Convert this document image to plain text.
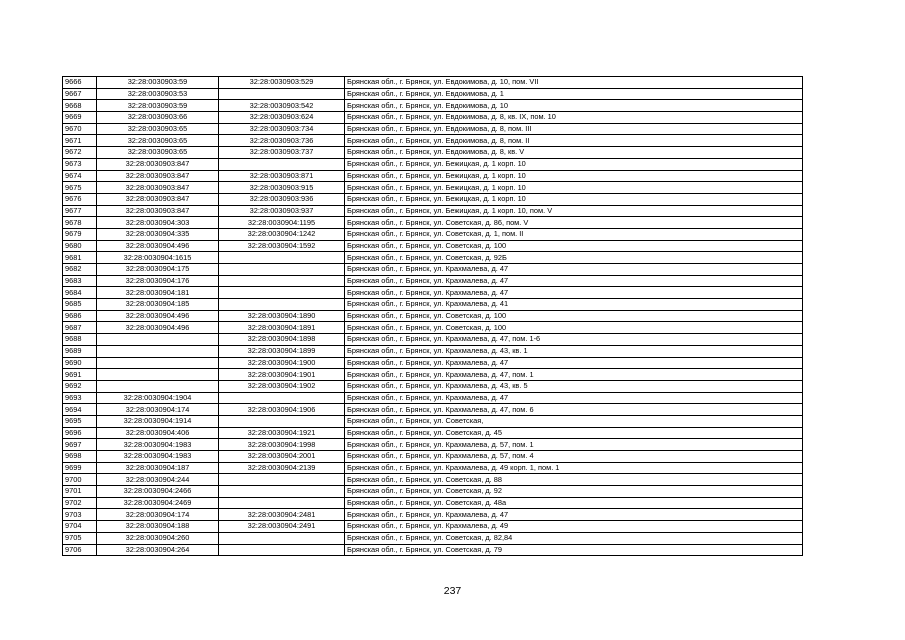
9666	32:28:0030903:59	32:28:0030903:529	Брянская обл., г. Брянск, ул. Евдокимова, д. 10, пом. VII
9667	32:28:0030903:53		Брянская обл., г. Брянск, ул. Евдокимова, д. 1
9668	32:28:0030903:59	32:28:0030903:542	Брянская обл., г. Брянск, ул. Евдокимова, д. 10
9669	32:28:0030903:66	32:28:0030903:624	Брянская обл., г. Брянск, ул. Евдокимова, д. 8, кв. IX, пом. 10
9670	32:28:0030903:65	32:28:0030903:734	Брянская обл., г. Брянск, ул. Евдокимова, д. 8, пом. III
9671	32:28:0030903:65	32:28:0030903:736	Брянская обл., г. Брянск, ул. Евдокимова, д. 8, пом. II
9672	32:28:0030903:65	32:28:0030903:737	Брянская обл., г. Брянск, ул. Евдокимова, д. 8, кв. V
9673	32:28:0030903:847		Брянская обл., г. Брянск, ул. Бежицкая, д. 1 корп. 10
9674	32:28:0030903:847	32:28:0030903:871	Брянская обл., г. Брянск, ул. Бежицкая, д. 1 корп. 10
9675	32:28:0030903:847	32:28:0030903:915	Брянская обл., г. Брянск, ул. Бежицкая, д. 1 корп. 10
9676	32:28:0030903:847	32:28:0030903:936	Брянская обл., г. Брянск, ул. Бежицкая, д. 1 корп. 10
9677	32:28:0030903:847	32:28:0030903:937	Брянская обл., г. Брянск, ул. Бежицкая, д. 1 корп. 10, пом. V
9678	32:28:0030904:303	32:28:0030904:1195	Брянская обл., г. Брянск, ул. Советская, д. 86, пом. V
9679	32:28:0030904:335	32:28:0030904:1242	Брянская обл., г. Брянск, ул. Советская, д. 1, пом. II
9680	32:28:0030904:496	32:28:0030904:1592	Брянская обл., г. Брянск, ул. Советская, д. 100
9681	32:28:0030904:1615		Брянская обл., г. Брянск, ул. Советская, д. 92Б
9682	32:28:0030904:175		Брянская обл., г. Брянск, ул. Крахмалева, д. 47
9683	32:28:0030904:176		Брянская обл., г. Брянск, ул. Крахмалева, д. 47
9684	32:28:0030904:181		Брянская обл., г. Брянск, ул. Крахмалева, д. 47
9685	32:28:0030904:185		Брянская обл., г. Брянск, ул. Крахмалева, д. 41
9686	32:28:0030904:496	32:28:0030904:1890	Брянская обл., г. Брянск, ул. Советская, д. 100
9687	32:28:0030904:496	32:28:0030904:1891	Брянская обл., г. Брянск, ул. Советская, д. 100
9688		32:28:0030904:1898	Брянская обл., г. Брянск, ул. Крахмалева, д. 47, пом. 1-6
9689		32:28:0030904:1899	Брянская обл., г. Брянск, ул. Крахмалева, д. 43, кв. 1
9690		32:28:0030904:1900	Брянская обл., г. Брянск, ул. Крахмалева, д. 47
9691		32:28:0030904:1901	Брянская обл., г. Брянск, ул. Крахмалева, д. 47, пом. 1
9692		32:28:0030904:1902	Брянская обл., г. Брянск, ул. Крахмалева, д. 43, кв. 5
9693	32:28:0030904:1904		Брянская обл., г. Брянск, ул. Крахмалева, д. 47
9694	32:28:0030904:174	32:28:0030904:1906	Брянская обл., г. Брянск, ул. Крахмалева, д. 47, пом. 6
9695	32:28:0030904:1914		Брянская обл., г. Брянск, ул. Советская,
9696	32:28:0030904:406	32:28:0030904:1921	Брянская обл., г. Брянск, ул. Советская, д. 45
9697	32:28:0030904:1983	32:28:0030904:1998	Брянская обл., г. Брянск, ул. Крахмалева, д. 57, пом. 1
9698	32:28:0030904:1983	32:28:0030904:2001	Брянская обл., г. Брянск, ул. Крахмалева, д. 57, пом. 4
9699	32:28:0030904:187	32:28:0030904:2139	Брянская обл., г. Брянск, ул. Крахмалева, д. 49 корп. 1, пом. 1
9700	32:28:0030904:244		Брянская обл., г. Брянск, ул. Советская, д. 88
9701	32:28:0030904:2466		Брянская обл., г. Брянск, ул. Советская, д. 92
9702	32:28:0030904:2469		Брянская обл., г. Брянск, ул. Советская, д. 48а
9703	32:28:0030904:174	32:28:0030904:2481	Брянская обл., г. Брянск, ул. Крахмалева, д. 47
9704	32:28:0030904:188	32:28:0030904:2491	Брянская обл., г. Брянск, ул. Крахмалева, д. 49
9705	32:28:0030904:260		Брянская обл., г. Брянск, ул. Советская, д. 82,84
9706	32:28:0030904:264		Брянская обл., г. Брянск, ул. Советская, д. 79
237
